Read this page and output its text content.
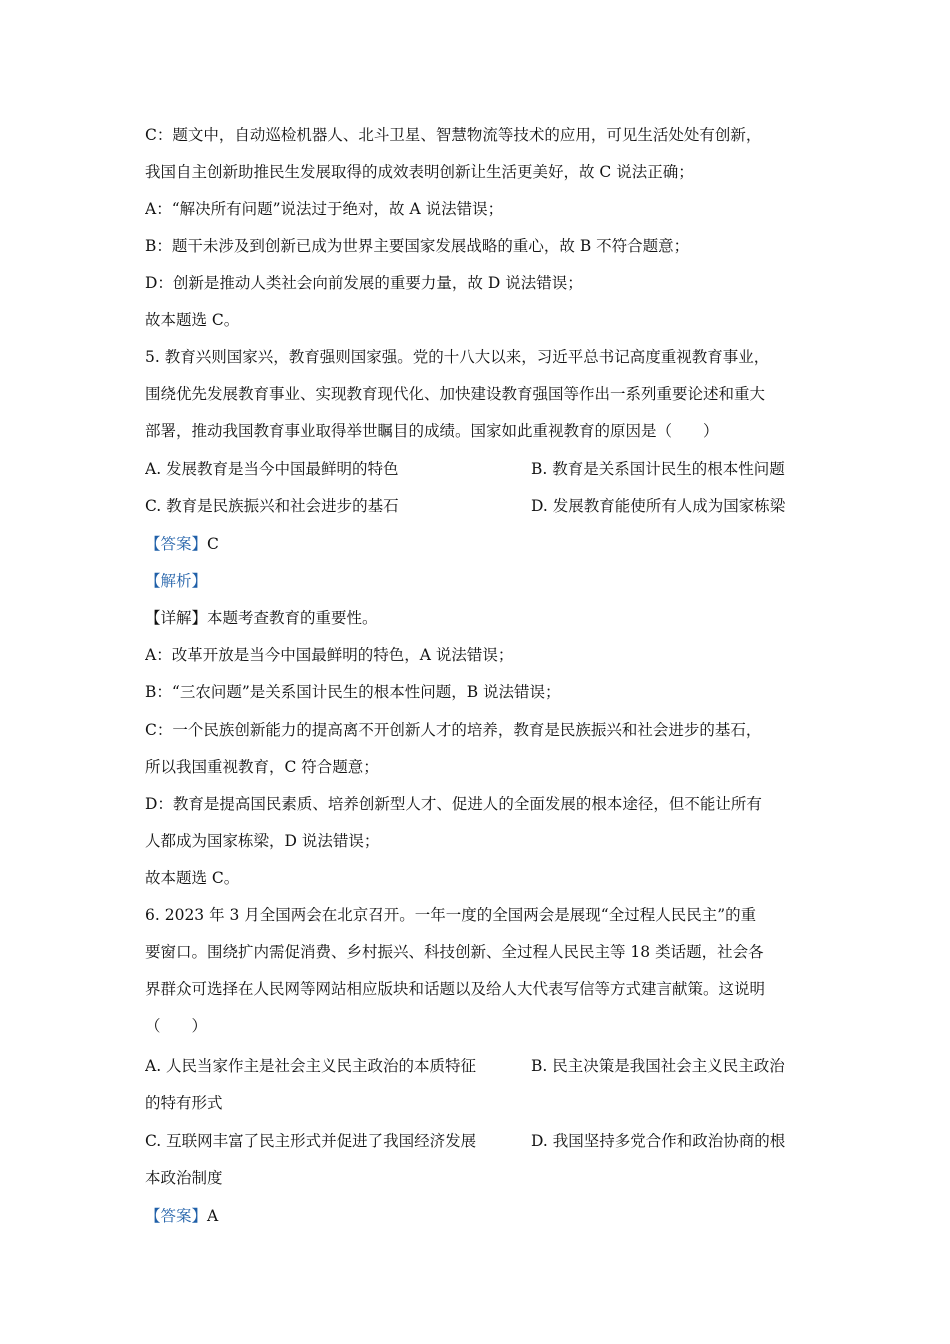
C：题文中，自动巡检机器人、北斗卫星、智慧物流等技术的应用，可见生活处处有创新，
我国自主创新助推民生发展取得的成效表明创新让生活更美好，故 C 说法正确；
A：“解决所有问题”说法过于绝对，故 A 说法错误；
B：题干未涉及到创新已成为世界主要国家发展战略的重心，故 B 不符合题意；
D：创新是推动人类社会向前发展的重要力量，故 D 说法错误；
故本题选 C。
5. 教育兴则国家兴，教育强则国家强。党的十八大以来，习近平总书记高度重视教育事业，
围绕优先发展教育事业、实现教育现代化、加快建设教育强国等作出一系列重要论述和重大
部署，推动我国教育事业取得举世瞩目的成绩。国家如此重视教育的原因是（　　）
A. 发展教育是当今中国最鲜明的特色	B. 教育是关系国计民生的根本性问题
C. 教育是民族振兴和社会进步的基石	D. 发展教育能使所有人成为国家栋梁
【答案】C
【解析】
【详解】本题考查教育的重要性。
A：改革开放是当今中国最鲜明的特色，A 说法错误；
B：“三农问题”是关系国计民生的根本性问题，B 说法错误；
C：一个民族创新能力的提高离不开创新人才的培养，教育是民族振兴和社会进步的基石，
所以我国重视教育，C 符合题意；
D：教育是提高国民素质、培养创新型人才、促进人的全面发展的根本途径，但不能让所有
人都成为国家栋梁，D 说法错误；
故本题选 C。
6. 2023 年 3 月全国两会在北京召开。一年一度的全国两会是展现“全过程人民民主”的重
要窗口。围绕扩内需促消费、乡村振兴、科技创新、全过程人民民主等 18 类话题，社会各
界群众可选择在人民网等网站相应版块和话题以及给人大代表写信等方式建言献策。这说明
（　　）
A. 人民当家作主是社会主义民主政治的本质特征	B. 民主决策是我国社会主义民主政治
的特有形式
C. 互联网丰富了民主形式并促进了我国经济发展	D. 我国坚持多党合作和政治协商的根
本政治制度
【答案】A
